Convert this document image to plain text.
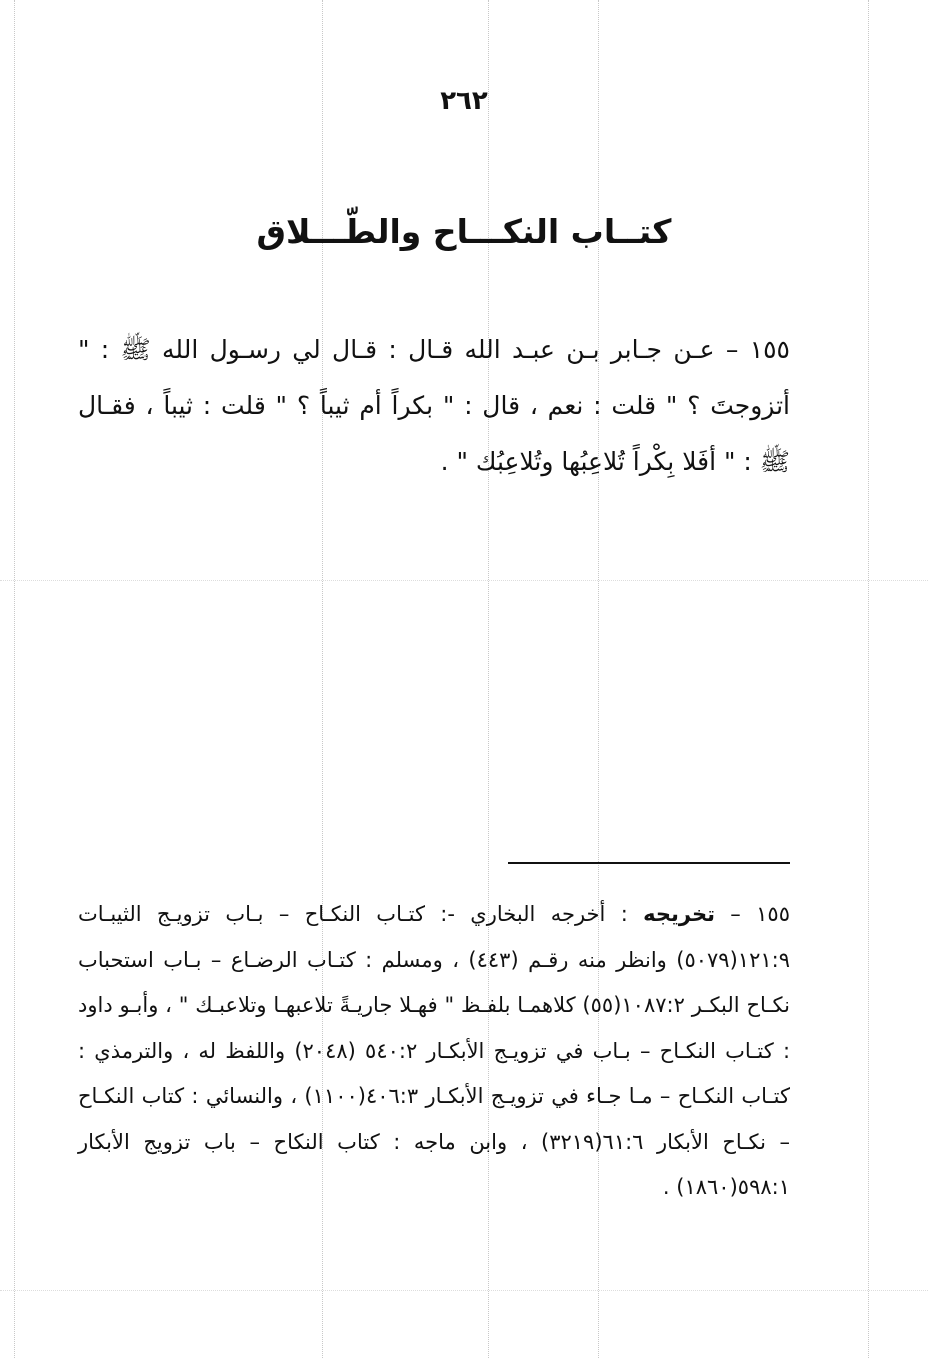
٢٦٢
كتــاب النكـــاح والطّـــلاق

١٥٥ – عـن جـابر بـن عبـد الله قـال : قـال لي رسـول الله ﷺ : " أتزوجتَ ؟ " قلت : نعم ، قال : " بكراً أم ثيباً ؟ " قلت : ثيباً ، فقـال ﷺ : " أفَلا بِكْراً تُلاعِبُها وتُلاعِبُك " .

١٥٥ – تخريجه : أخرجه البخاري -: كتـاب النكـاح – بـاب تزويـج الثيبـات ١٢١:٩(٥٠٧٩) وانظر منه رقـم (٤٤٣) ، ومسلم : كتـاب الرضـاع – بـاب استحباب نكـاح البكـر ١٠٨٧:٢(٥٥) كلاهمـا بلفـظ " فهـلا جاريـةً تلاعبهـا وتلاعبـك " ، وأبـو داود : كتـاب النكـاح – بـاب في تزويـج الأبكـار ٥٤٠:٢ (٢٠٤٨) واللفظ له ، والترمذي : كتـاب النكـاح – مـا جـاء في تزويـج الأبكـار ٤٠٦:٣(١١٠٠) ، والنسائي : كتاب النكـاح – نكـاح الأبكار ٦١:٦(٣٢١٩) ، وابن ماجه : كتاب النكاح – باب تزويج الأبكار ٥٩٨:١(١٨٦٠) .
